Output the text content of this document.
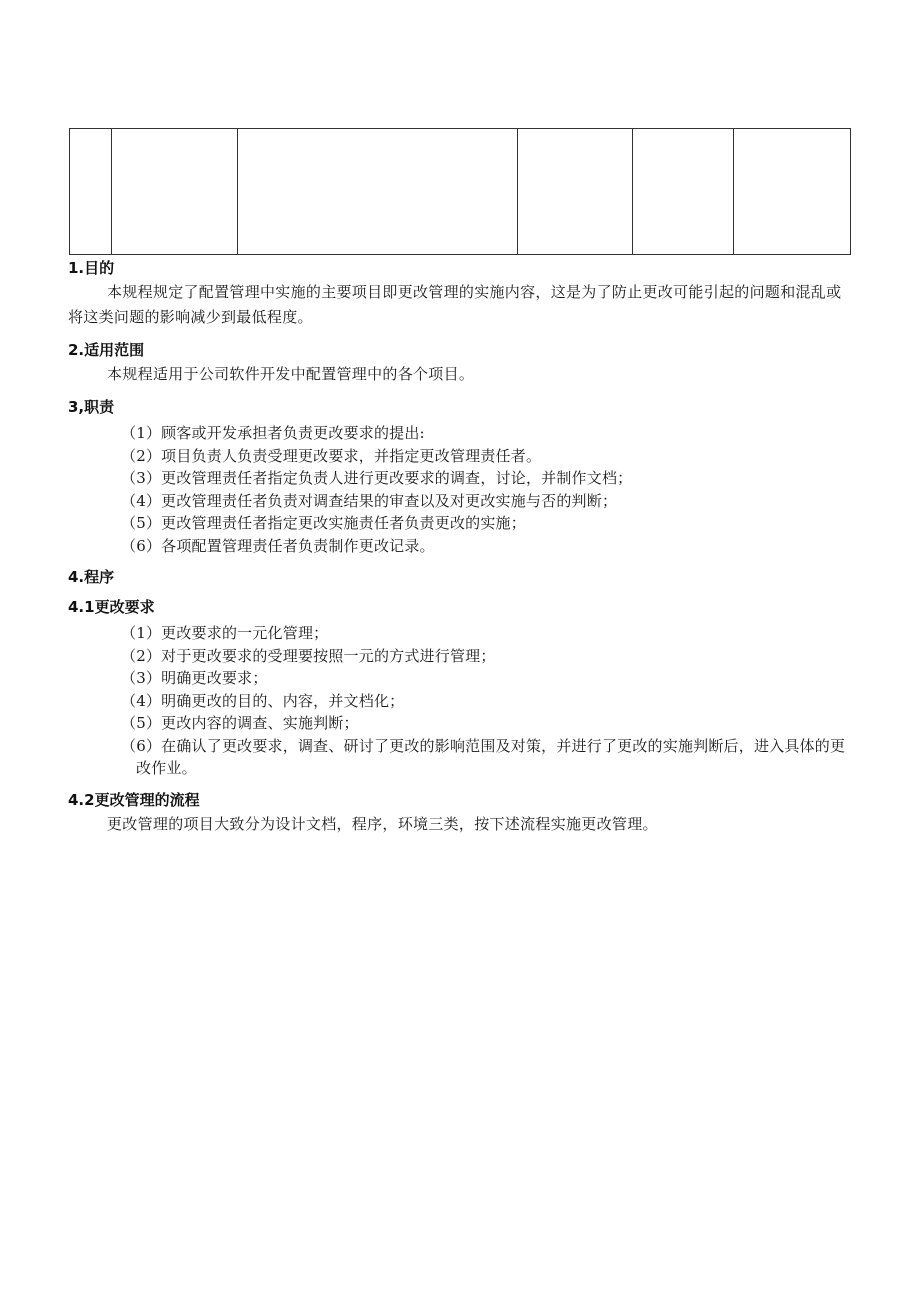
1.目的

本规程规定了配置管理中实施的主要项目即更改管理的实施内容，这是为了防止更改可能引起的问题和混乱或将这类问题的影响减少到最低程度。

2.适用范围

本规程适用于公司软件开发中配置管理中的各个项目。

3,职责
（1）顾客或开发承担者负责更改要求的提出:
（2）项目负责人负责受理更改要求，并指定更改管理责任者。
（3）更改管理责任者指定负责人进行更改要求的调查，讨论，并制作文档；
（4）更改管理责任者负责对调查结果的审查以及对更改实施与否的判断；
（5）更改管理责任者指定更改实施责任者负责更改的实施；
（6）各项配置管理责任者负责制作更改记录。
4.程序
4.1更改要求
（1）更改要求的一元化管理；
（2）对于更改要求的受理要按照一元的方式进行管理；
（3）明确更改要求；
（4）明确更改的目的、内容，并文档化；
（5）更改内容的调查、实施判断；
（6）在确认了更改要求，调查、研讨了更改的影响范围及对策，并进行了更改的实施判断后，进入具体的更改作业。
4.2更改管理的流程

更改管理的项目大致分为设计文档，程序，环境三类，按下述流程实施更改管理。
